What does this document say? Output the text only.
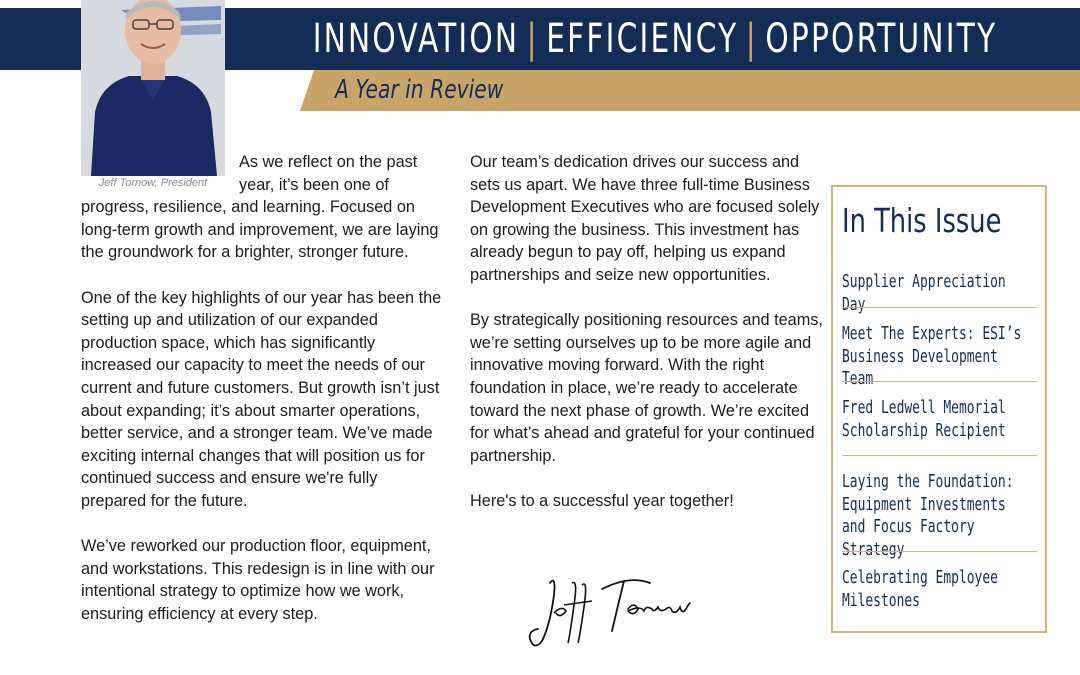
INNOVATION | EFFICIENCY | OPPORTUNITY
A Year in Review
Jeff Tornow, President

As we reflect on the past year, it’s been one of progress, resilience, and learning. Focused on long-term growth and improvement, we are laying the groundwork for a brighter, stronger future.

One of the key highlights of our year has been the setting up and utilization of our expanded production space, which has significantly increased our capacity to meet the needs of our current and future customers. But growth isn’t just about expanding; it’s about smarter operations, better service, and a stronger team. We’ve made exciting internal changes that will position us for continued success and ensure we're fully prepared for the future.

We’ve reworked our production floor, equipment, and workstations. This redesign is in line with our intentional strategy to optimize how we work, ensuring efficiency at every step.

Our team’s dedication drives our success and sets us apart. We have three full-time Business Development Executives who are focused solely on growing the business. This investment has already begun to pay off, helping us expand partnerships and seize new opportunities.

By strategically positioning resources and teams, we’re setting ourselves up to be more agile and innovative moving forward. With the right foundation in place, we’re ready to accelerate toward the next phase of growth. We’re excited for what’s ahead and grateful for your continued partnership.

Here's to a successful year together!

In This Issue
Supplier Appreciation Day
Meet The Experts: ESI’s Business Development Team
Fred Ledwell Memorial Scholarship Recipient
Laying the Foundation: Equipment Investments and Focus Factory Strategy
Celebrating Employee Milestones
